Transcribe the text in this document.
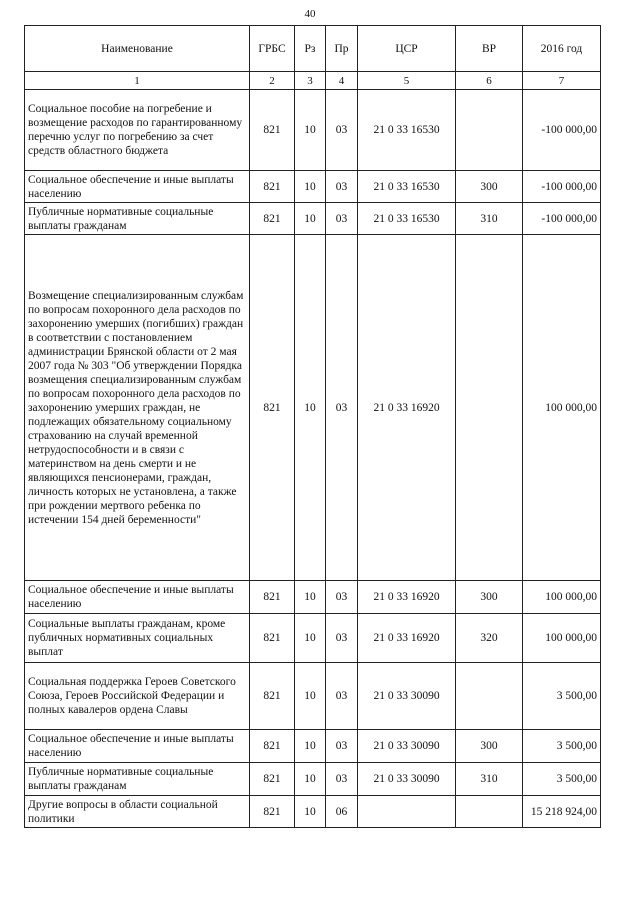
40
Наименование	ГРБС	Рз	Пр	ЦСР	ВР	2016 год
1	2	3	4	5	6	7
Социальное пособие на погребение и возмещение расходов по гарантированному перечню услуг по погребению за счет средств областного бюджета	821	10	03	21 0 33 16530		-100 000,00
Социальное обеспечение и иные выплаты населению	821	10	03	21 0 33 16530	300	-100 000,00
Публичные нормативные социальные выплаты гражданам	821	10	03	21 0 33 16530	310	-100 000,00
Возмещение специализированным службам по вопросам похоронного дела расходов по захоронению умерших (погибших) граждан в соответствии с постановлением администрации Брянской области от 2 мая 2007 года № 303 "Об утверждении Порядка возмещения специализированным службам по вопросам похоронного дела расходов по захоронению умерших граждан, не подлежащих обязательному социальному страхованию на случай временной нетрудоспособности и в связи с материнством на день смерти и не являющихся пенсионерами, граждан, личность которых не установлена, а также при рождении мертвого ребенка по истечении 154 дней беременности"	821	10	03	21 0 33 16920		100 000,00
Социальное обеспечение и иные выплаты населению	821	10	03	21 0 33 16920	300	100 000,00
Социальные выплаты гражданам, кроме публичных нормативных социальных выплат	821	10	03	21 0 33 16920	320	100 000,00
Социальная поддержка Героев Советского Союза, Героев Российской Федерации и полных кавалеров ордена Славы	821	10	03	21 0 33 30090		3 500,00
Социальное обеспечение и иные выплаты населению	821	10	03	21 0 33 30090	300	3 500,00
Публичные нормативные социальные выплаты гражданам	821	10	03	21 0 33 30090	310	3 500,00
Другие вопросы в области социальной политики	821	10	06			15 218 924,00
